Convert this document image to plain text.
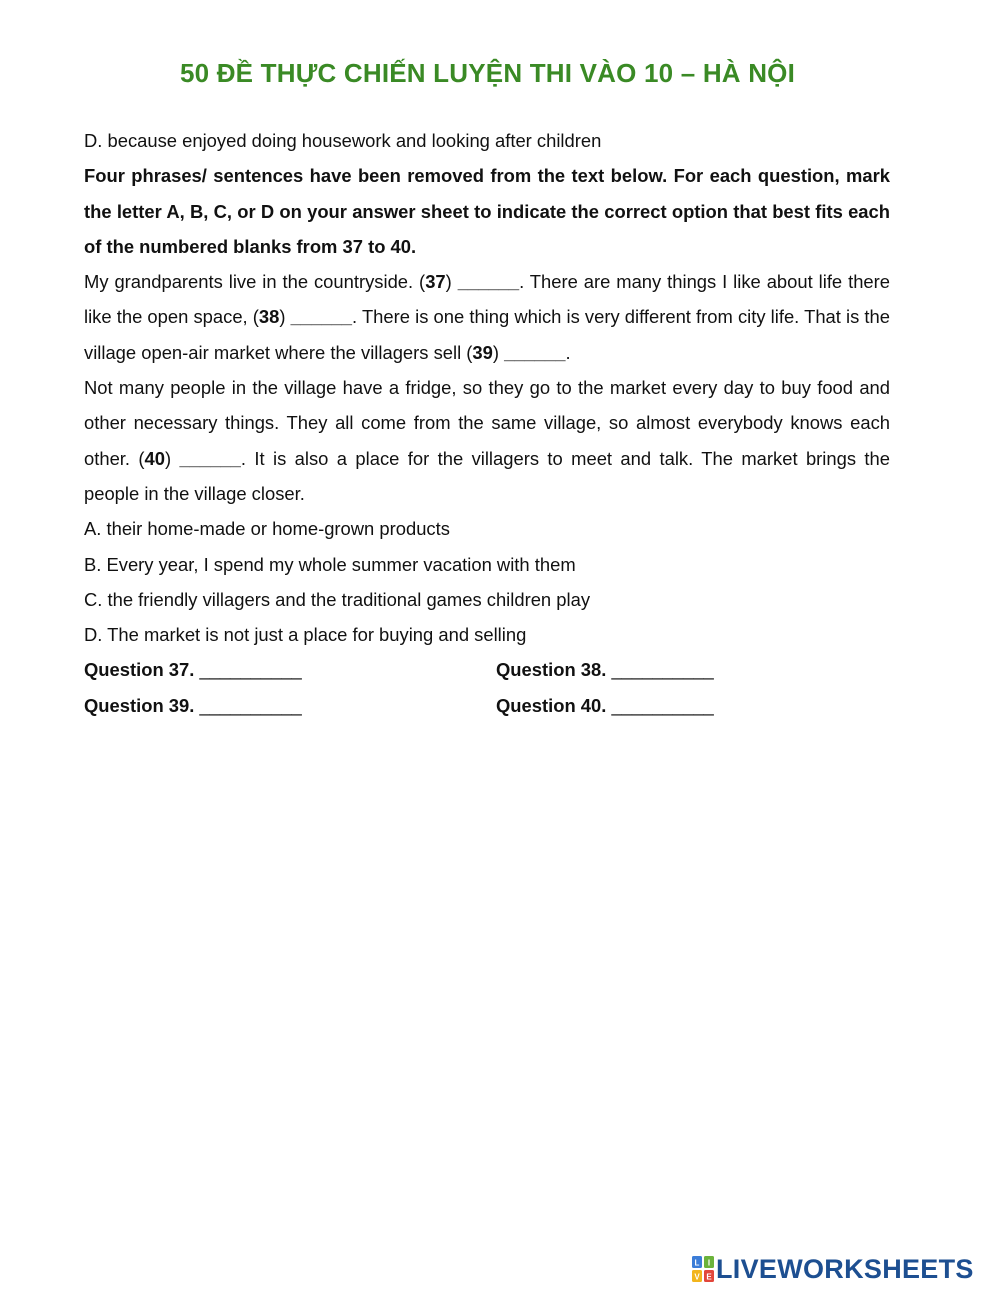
50 ĐỀ THỰC CHIẾN LUYỆN THI VÀO 10 – HÀ NỘI

D. because enjoyed doing housework and looking after children

Four phrases/ sentences have been removed from the text below. For each question, mark the letter A, B, C, or D on your answer sheet to indicate the correct option that best fits each of the numbered blanks from 37 to 40.

My grandparents live in the countryside. (37) ______. There are many things I like about life there like the open space, (38) ______. There is one thing which is very different from city life. That is the village open-air market where the villagers sell (39) ______.

Not many people in the village have a fridge, so they go to the market every day to buy food and other necessary things. They all come from the same village, so almost everybody knows each other. (40) ______. It is also a place for the villagers to meet and talk. The market brings the people in the village closer.

A. their home-made or home-grown products

B. Every year, I spend my whole summer vacation with them

C. the friendly villagers and the traditional games children play

D. The market is not just a place for buying and selling

Question 37. __________	Question 38. __________
Question 39. __________	Question 40. __________
L I
V E LIVEWORKSHEETS
